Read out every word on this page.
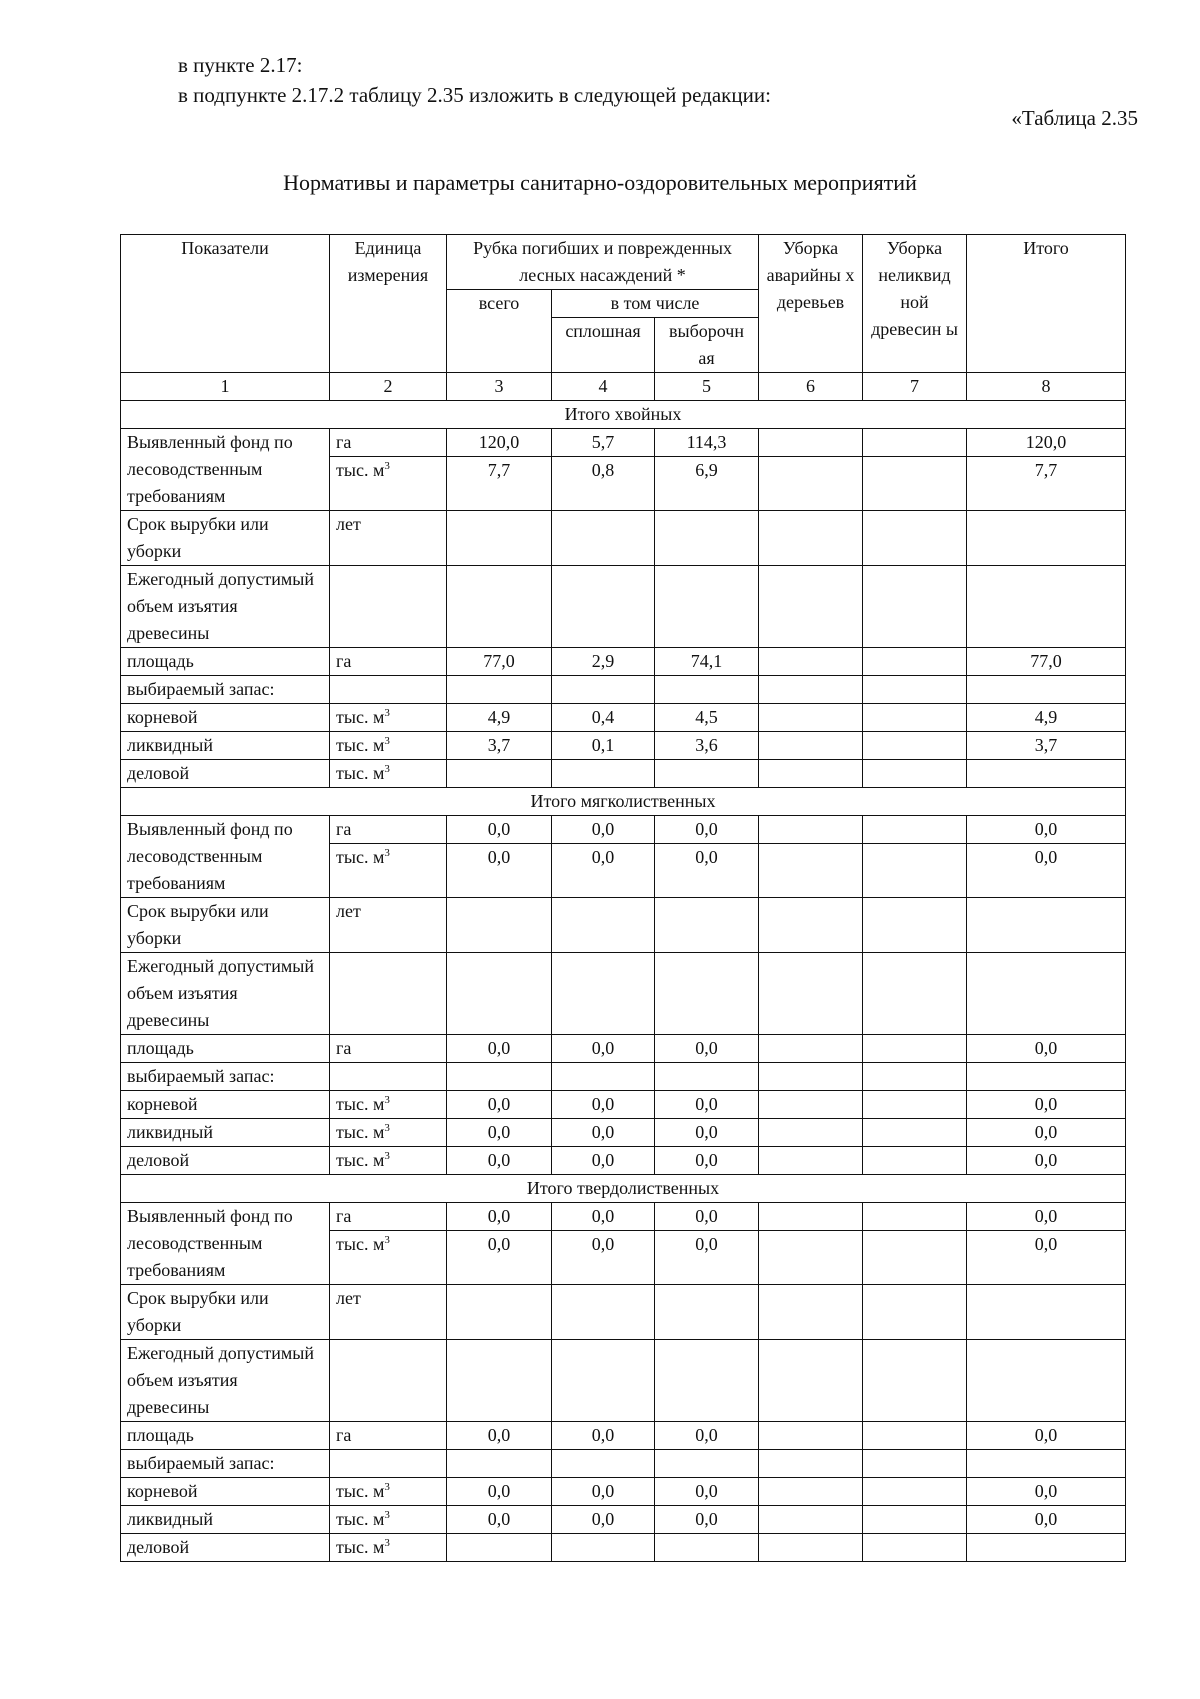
в пункте 2.17:
в подпункте 2.17.2 таблицу 2.35 изложить в следующей редакции:
«Таблица 2.35
Нормативы и параметры санитарно-оздоровительных мероприятий
Показатели	Единица измерения	Рубка погибших и поврежденных лесных насаждений *			Уборка аварийны х деревьев	Уборка неликвид ной древесин ы	Итого
		всего	в том числе				
			сплошная	выборочн ая			
1	2	3	4	5	6	7	8
Итого хвойных							
Выявленный фонд по лесоводственным требованиям	га	120,0	5,7	114,3			120,0
	тыс. $м^3$	7,7	0,8	6,9			7,7
Срок вырубки или уборки	лет						
Ежегодный допустимый объем изъятия древесины							
площадь	га	77,0	2,9	74,1			77,0
выбираемый запас:							
корневой	тыс. $м^3$	4,9	0,4	4,5			4,9
ликвидный	тыс. $м^3$	3,7	0,1	3,6			3,7
деловой	тыс. $м^3$						
Итого мягколиственных							
Выявленный фонд по лесоводственным требованиям	га	0,0	0,0	0,0			0,0
	тыс. $м^3$	0,0	0,0	0,0			0,0
Срок вырубки или уборки	лет						
Ежегодный допустимый объем изъятия древесины							
площадь	га	0,0	0,0	0,0			0,0
выбираемый запас:							
корневой	тыс. $м^3$	0,0	0,0	0,0			0,0
ликвидный	тыс. $м^3$	0,0	0,0	0,0			0,0
деловой	тыс. $м^3$	0,0	0,0	0,0			0,0
Итого твердолиственных							
Выявленный фонд по лесоводственным требованиям	га	0,0	0,0	0,0			0,0
	тыс. $м^3$	0,0	0,0	0,0			0,0
Срок вырубки или уборки	лет						
Ежегодный допустимый объем изъятия древесины							
площадь	га	0,0	0,0	0,0			0,0
выбираемый запас:							
корневой	тыс. $м^3$	0,0	0,0	0,0			0,0
ликвидный	тыс. $м^3$	0,0	0,0	0,0			0,0
деловой	тыс. $м^3$						
